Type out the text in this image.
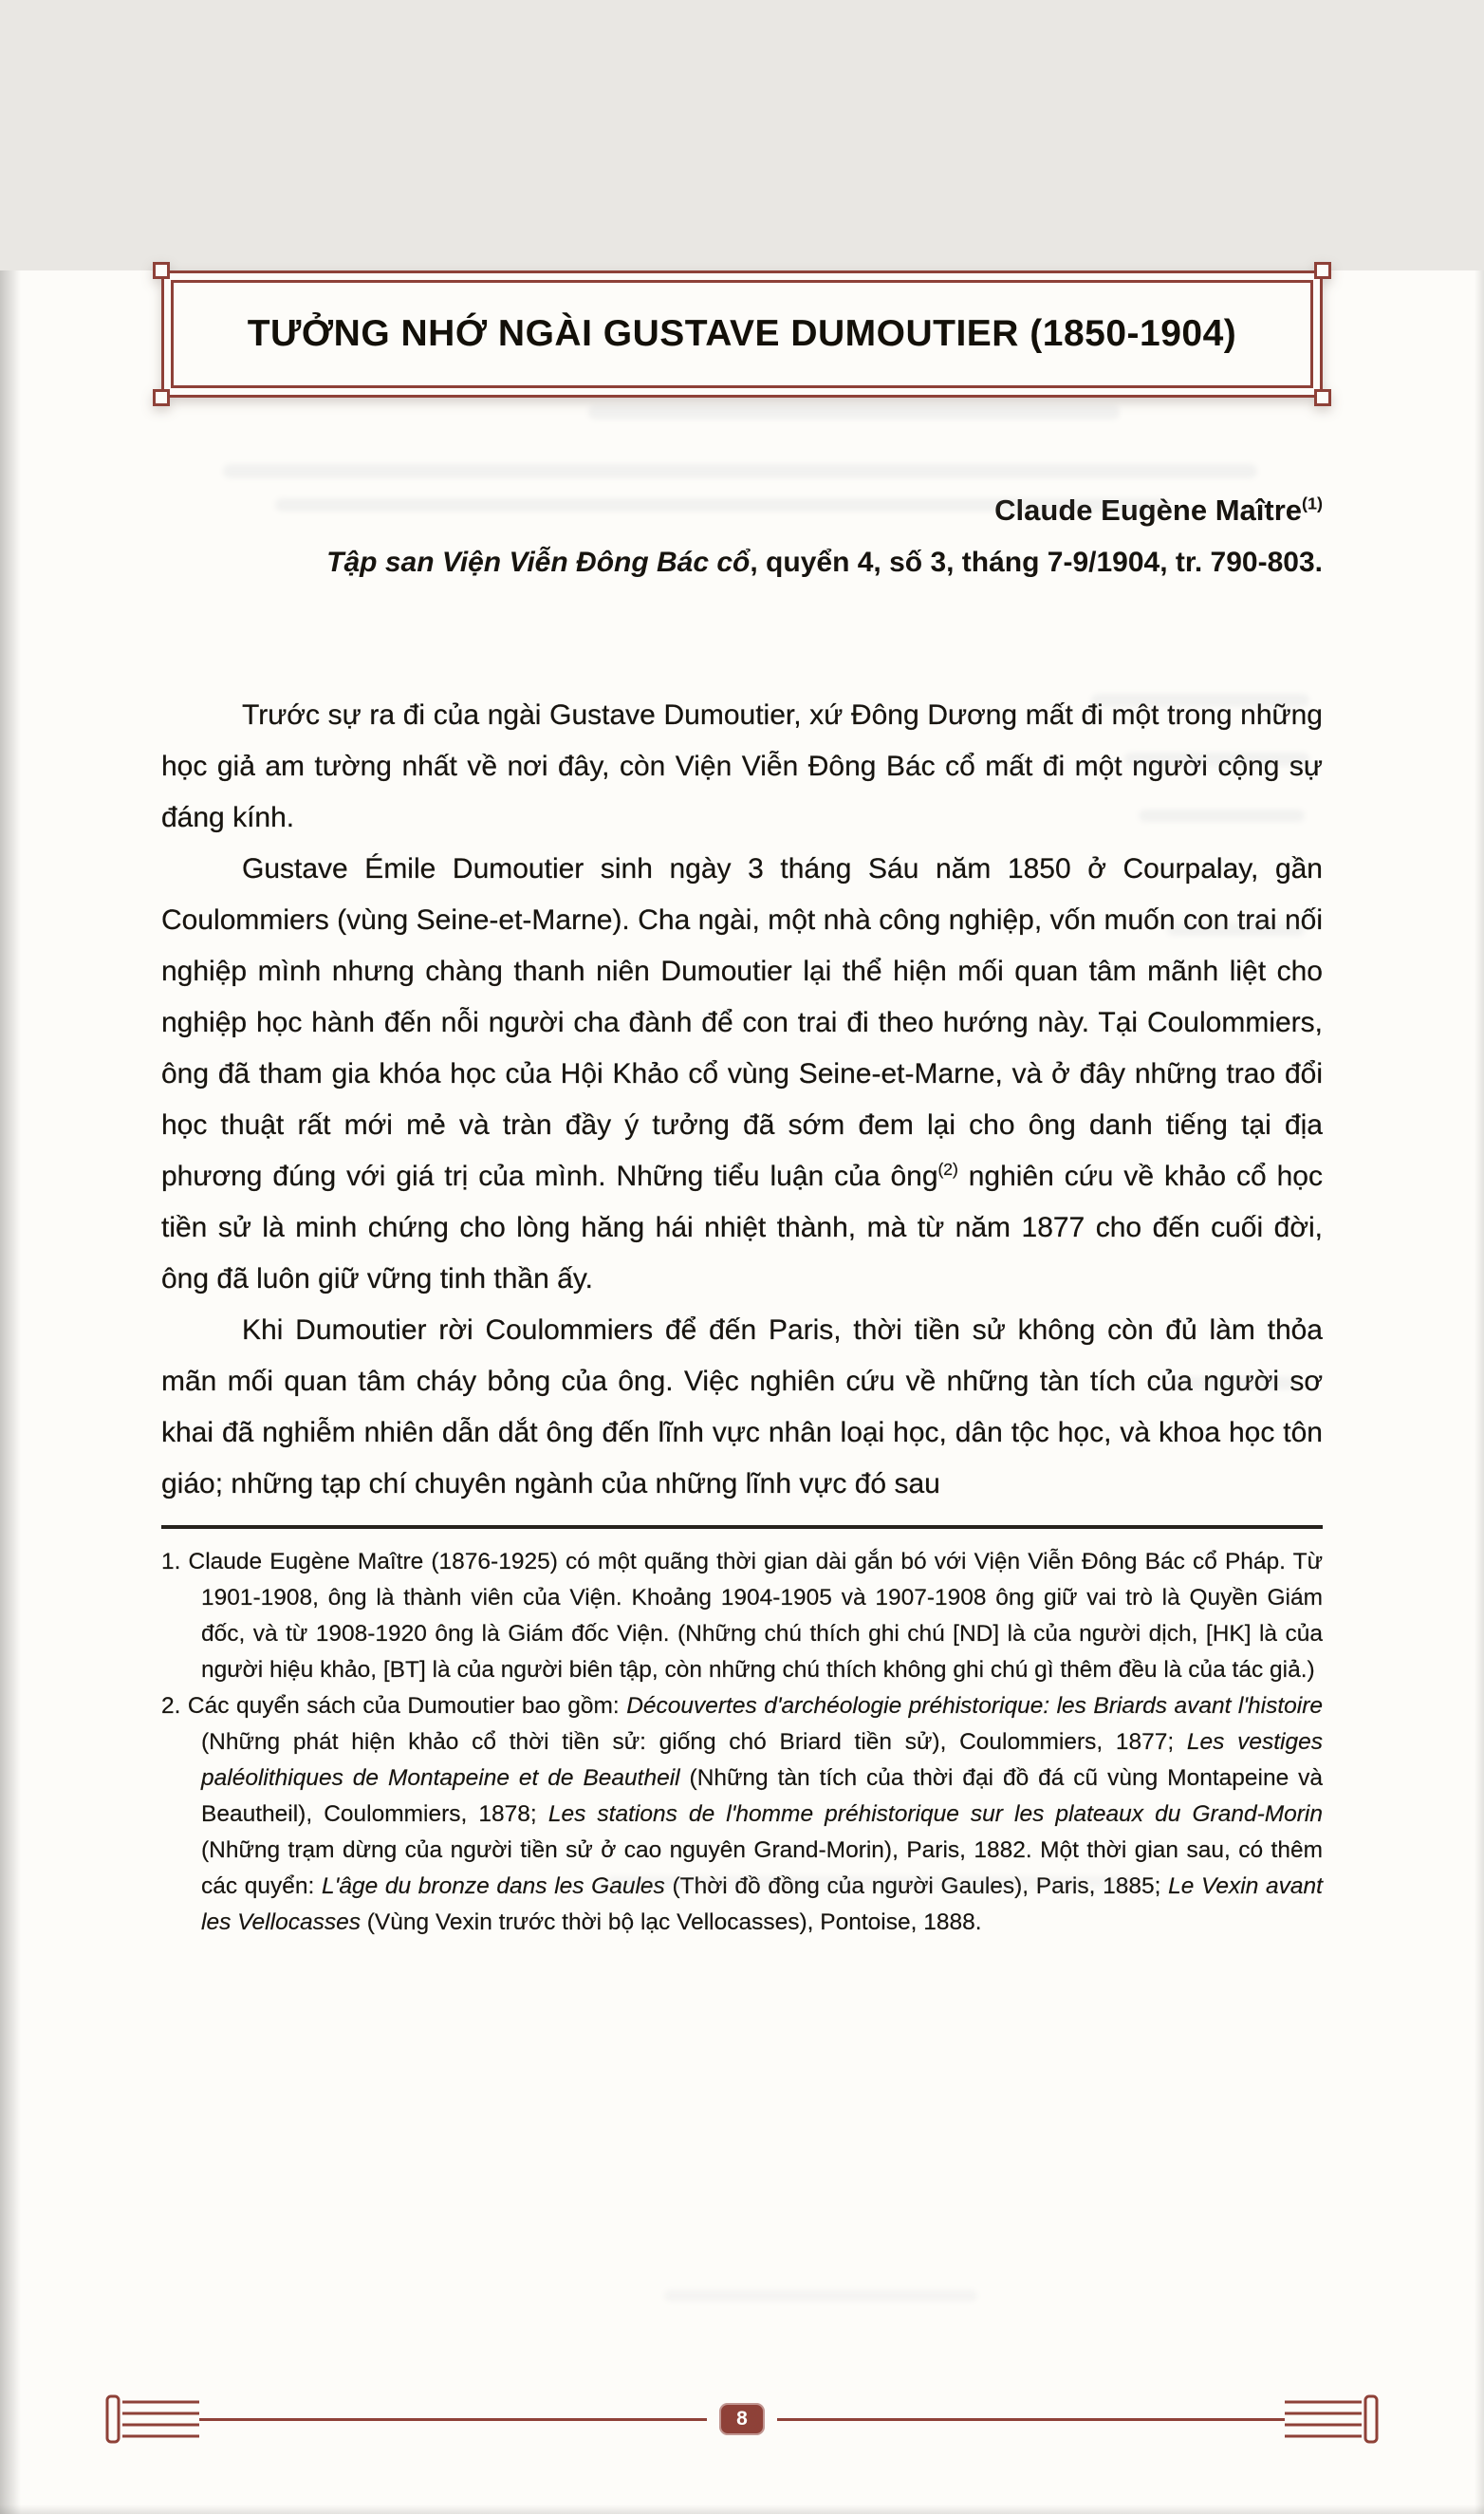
TƯỞNG NHỚ NGÀI GUSTAVE DUMOUTIER (1850-1904)

Claude Eugène Maître$^{(1)}$

Tập san Viện Viễn Đông Bác cổ, quyển 4, số 3, tháng 7-9/1904, tr. 790-803.

Trước sự ra đi của ngài Gustave Dumoutier, xứ Đông Dương mất đi một trong những học giả am tường nhất về nơi đây, còn Viện Viễn Đông Bác cổ mất đi một người cộng sự đáng kính.

Gustave Émile Dumoutier sinh ngày 3 tháng Sáu năm 1850 ở Courpalay, gần Coulommiers (vùng Seine-et-Marne). Cha ngài, một nhà công nghiệp, vốn muốn con trai nối nghiệp mình nhưng chàng thanh niên Dumoutier lại thể hiện mối quan tâm mãnh liệt cho nghiệp học hành đến nỗi người cha đành để con trai đi theo hướng này. Tại Coulommiers, ông đã tham gia khóa học của Hội Khảo cổ vùng Seine-et-Marne, và ở đây những trao đổi học thuật rất mới mẻ và tràn đầy ý tưởng đã sớm đem lại cho ông danh tiếng tại địa phương đúng với giá trị của mình. Những tiểu luận của ông$^{(2)}$ nghiên cứu về khảo cổ học tiền sử là minh chứng cho lòng hăng hái nhiệt thành, mà từ năm 1877 cho đến cuối đời, ông đã luôn giữ vững tinh thần ấy.

Khi Dumoutier rời Coulommiers để đến Paris, thời tiền sử không còn đủ làm thỏa mãn mối quan tâm cháy bỏng của ông. Việc nghiên cứu về những tàn tích của người sơ khai đã nghiễm nhiên dẫn dắt ông đến lĩnh vực nhân loại học, dân tộc học, và khoa học tôn giáo; những tạp chí chuyên ngành của những lĩnh vực đó sau

1. Claude Eugène Maître (1876-1925) có một quãng thời gian dài gắn bó với Viện Viễn Đông Bác cổ Pháp. Từ 1901-1908, ông là thành viên của Viện. Khoảng 1904-1905 và 1907-1908 ông giữ vai trò là Quyền Giám đốc, và từ 1908-1920 ông là Giám đốc Viện. (Những chú thích ghi chú [ND] là của người dịch, [HK] là của người hiệu khảo, [BT] là của người biên tập, còn những chú thích không ghi chú gì thêm đều là của tác giả.)

2. Các quyển sách của Dumoutier bao gồm: Découvertes d'archéologie préhistorique: les Briards avant l'histoire (Những phát hiện khảo cổ thời tiền sử: giống chó Briard tiền sử), Coulommiers, 1877; Les vestiges paléolithiques de Montapeine et de Beautheil (Những tàn tích của thời đại đồ đá cũ vùng Montapeine và Beautheil), Coulommiers, 1878; Les stations de l'homme préhistorique sur les plateaux du Grand-Morin (Những trạm dừng của người tiền sử ở cao nguyên Grand-Morin), Paris, 1882. Một thời gian sau, có thêm các quyển: L'âge du bronze dans les Gaules (Thời đồ đồng của người Gaules), Paris, 1885; Le Vexin avant les Vellocasses (Vùng Vexin trước thời bộ lạc Vellocasses), Pontoise, 1888.

8
